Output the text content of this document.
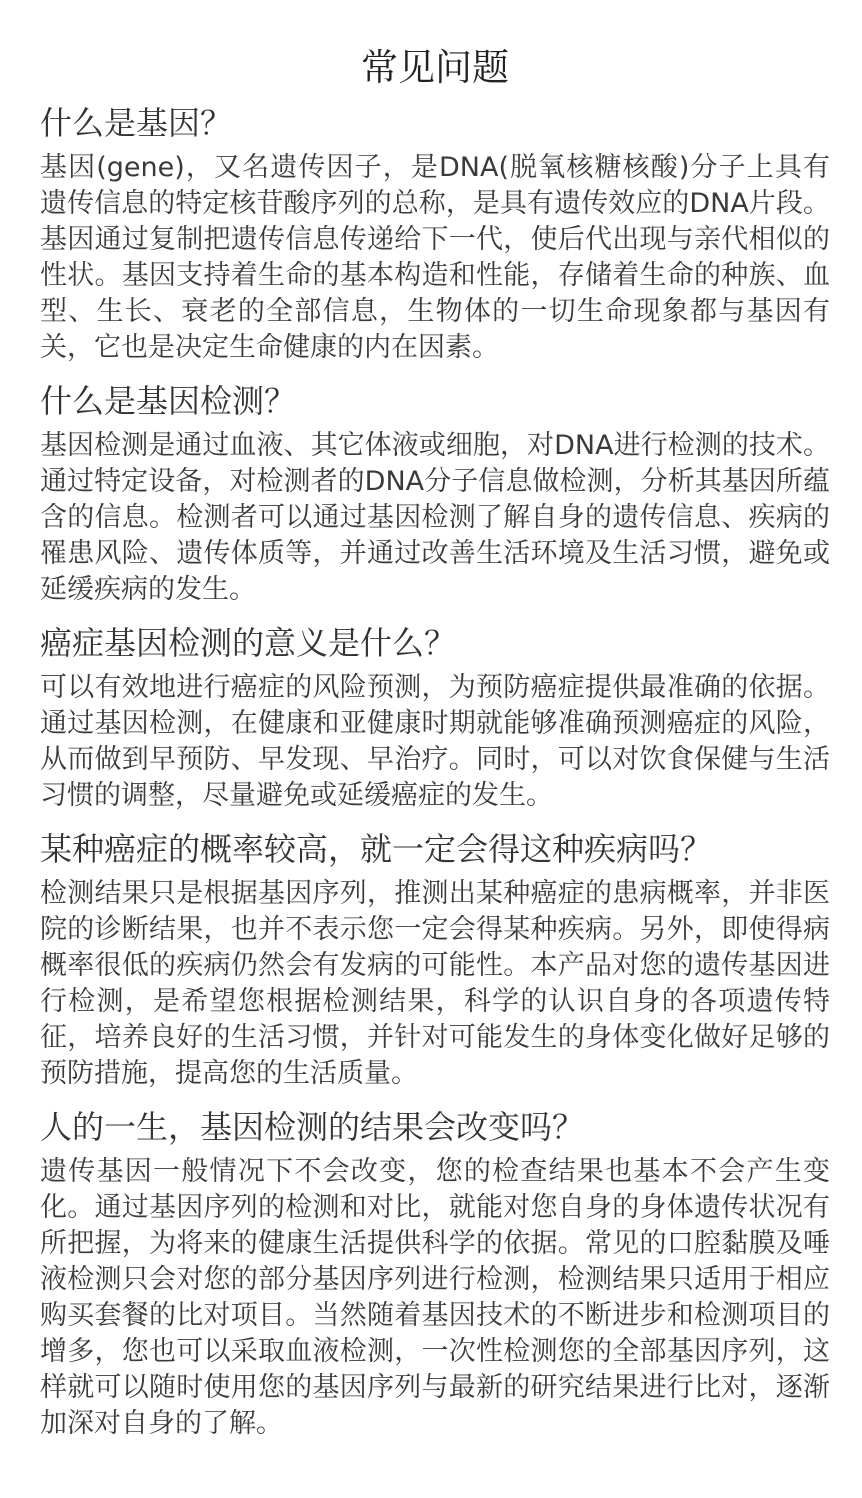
常见问题
什么是基因？

基因(gene)，又名遗传因子，是DNA(脱氧核糖核酸)分子上具有遗传信息的特定核苷酸序列的总称，是具有遗传效应的DNA片段。基因通过复制把遗传信息传递给下一代，使后代出现与亲代相似的性状。基因支持着生命的基本构造和性能，存储着生命的种族、血型、生长、衰老的全部信息，生物体的一切生命现象都与基因有关，它也是决定生命健康的内在因素。

什么是基因检测？

基因检测是通过血液、其它体液或细胞，对DNA进行检测的技术。通过特定设备，对检测者的DNA分子信息做检测，分析其基因所蕴含的信息。检测者可以通过基因检测了解自身的遗传信息、疾病的罹患风险、遗传体质等，并通过改善生活环境及生活习惯，避免或延缓疾病的发生。

癌症基因检测的意义是什么？

可以有效地进行癌症的风险预测，为预防癌症提供最准确的依据。通过基因检测，在健康和亚健康时期就能够准确预测癌症的风险，从而做到早预防、早发现、早治疗。同时，可以对饮食保健与生活习惯的调整，尽量避免或延缓癌症的发生。

某种癌症的概率较高，就一定会得这种疾病吗？

检测结果只是根据基因序列，推测出某种癌症的患病概率，并非医院的诊断结果，也并不表示您一定会得某种疾病。另外，即使得病概率很低的疾病仍然会有发病的可能性。本产品对您的遗传基因进行检测，是希望您根据检测结果，科学的认识自身的各项遗传特征，培养良好的生活习惯，并针对可能发生的身体变化做好足够的预防措施，提高您的生活质量。

人的一生，基因检测的结果会改变吗？

遗传基因一般情况下不会改变，您的检查结果也基本不会产生变化。通过基因序列的检测和对比，就能对您自身的身体遗传状况有所把握，为将来的健康生活提供科学的依据。常见的口腔黏膜及唾液检测只会对您的部分基因序列进行检测，检测结果只适用于相应购买套餐的比对项目。当然随着基因技术的不断进步和检测项目的增多，您也可以采取血液检测，一次性检测您的全部基因序列，这样就可以随时使用您的基因序列与最新的研究结果进行比对，逐渐加深对自身的了解。
